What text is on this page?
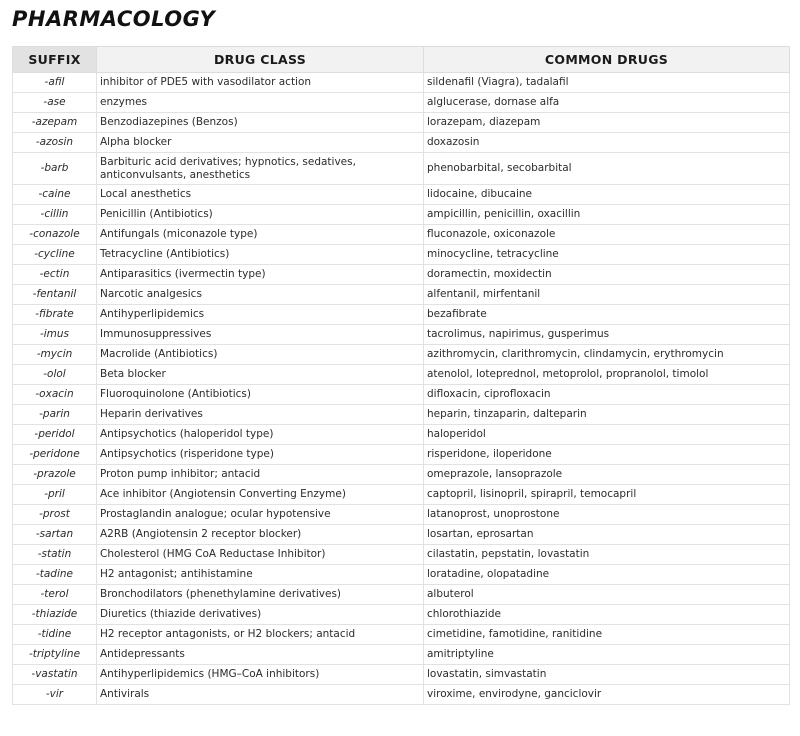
PHARMACOLOGY
SUFFIX	DRUG CLASS	COMMON DRUGS
-afil	inhibitor of PDE5 with vasodilator action	sildenafil (Viagra), tadalafil
-ase	enzymes	alglucerase, dornase alfa
-azepam	Benzodiazepines (Benzos)	lorazepam, diazepam
-azosin	Alpha blocker	doxazosin
-barb	Barbituric acid derivatives; hypnotics, sedatives, anticonvulsants, anesthetics	phenobarbital, secobarbital
-caine	Local anesthetics	lidocaine, dibucaine
-cillin	Penicillin (Antibiotics)	ampicillin, penicillin, oxacillin
-conazole	Antifungals (miconazole type)	fluconazole, oxiconazole
-cycline	Tetracycline (Antibiotics)	minocycline, tetracycline
-ectin	Antiparasitics (ivermectin type)	doramectin, moxidectin
-fentanil	Narcotic analgesics	alfentanil, mirfentanil
-fibrate	Antihyperlipidemics	bezafibrate
-imus	Immunosuppressives	tacrolimus, napirimus, gusperimus
-mycin	Macrolide (Antibiotics)	azithromycin, clarithromycin, clindamycin, erythromycin
-olol	Beta blocker	atenolol, loteprednol, metoprolol, propranolol, timolol
-oxacin	Fluoroquinolone (Antibiotics)	difloxacin, ciprofloxacin
-parin	Heparin derivatives	heparin, tinzaparin, dalteparin
-peridol	Antipsychotics (haloperidol type)	haloperidol
-peridone	Antipsychotics (risperidone type)	risperidone, iloperidone
-prazole	Proton pump inhibitor; antacid	omeprazole, lansoprazole
-pril	Ace inhibitor (Angiotensin Converting Enzyme)	captopril, lisinopril, spirapril, temocapril
-prost	Prostaglandin analogue; ocular hypotensive	latanoprost, unoprostone
-sartan	A2RB (Angiotensin 2 receptor blocker)	losartan, eprosartan
-statin	Cholesterol (HMG CoA Reductase Inhibitor)	cilastatin, pepstatin, lovastatin
-tadine	H2 antagonist; antihistamine	loratadine, olopatadine
-terol	Bronchodilators (phenethylamine derivatives)	albuterol
-thiazide	Diuretics (thiazide derivatives)	chlorothiazide
-tidine	H2 receptor antagonists, or H2 blockers; antacid	cimetidine, famotidine, ranitidine
-triptyline	Antidepressants	amitriptyline
-vastatin	Antihyperlipidemics (HMG–CoA inhibitors)	lovastatin, simvastatin
-vir	Antivirals	viroxime, envirodyne, ganciclovir
